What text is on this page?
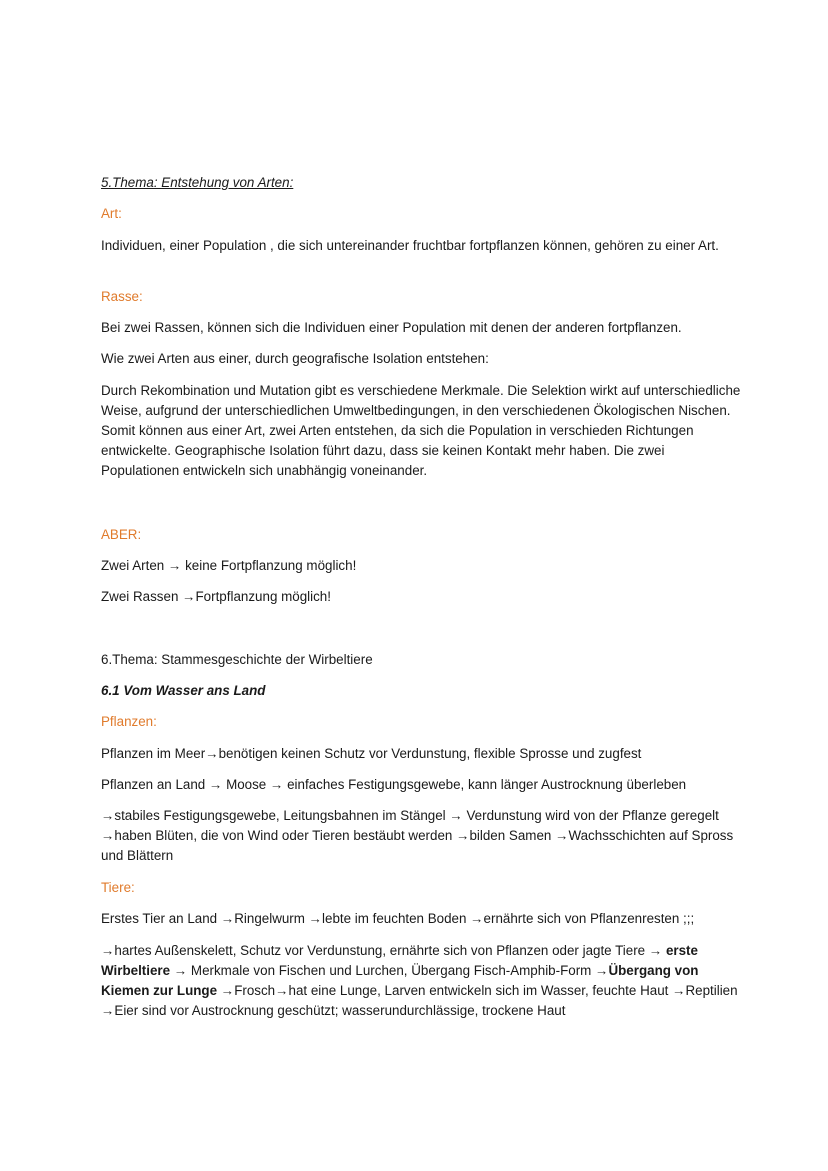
5.Thema: Entstehung von Arten:

Art:

Individuen, einer Population , die sich untereinander fruchtbar fortpflanzen können, gehören zu einer Art.

Rasse:

Bei zwei Rassen, können sich die Individuen einer Population mit denen der anderen fortpflanzen.

Wie zwei Arten aus einer, durch geografische Isolation entstehen:

Durch Rekombination und Mutation gibt es verschiedene Merkmale. Die Selektion wirkt auf unterschiedliche Weise, aufgrund der unterschiedlichen Umweltbedingungen, in den verschiedenen Ökologischen Nischen. Somit können aus einer Art, zwei Arten entstehen, da sich die Population in verschieden Richtungen entwickelte. Geographische Isolation führt dazu, dass sie keinen Kontakt mehr haben. Die zwei Populationen entwickeln sich unabhängig voneinander.

ABER:

Zwei Arten → keine Fortpflanzung möglich!

Zwei Rassen →Fortpflanzung möglich!

6.Thema: Stammesgeschichte der Wirbeltiere

6.1 Vom Wasser ans Land

Pflanzen:

Pflanzen im Meer→benötigen keinen Schutz vor Verdunstung, flexible Sprosse und zugfest

Pflanzen an Land → Moose → einfaches Festigungsgewebe, kann länger Austrocknung überleben

→stabiles Festigungsgewebe, Leitungsbahnen im Stängel → Verdunstung wird von der Pflanze geregelt →haben Blüten, die von Wind oder Tieren bestäubt werden →bilden Samen →Wachsschichten auf Spross und Blättern

Tiere:

Erstes Tier an Land →Ringelwurm →lebte im feuchten Boden →ernährte sich von Pflanzenresten ;;;

→hartes Außenskelett, Schutz vor Verdunstung, ernährte sich von Pflanzen oder jagte Tiere → erste Wirbeltiere → Merkmale von Fischen und Lurchen, Übergang Fisch-Amphib-Form →Übergang von Kiemen zur Lunge →Frosch→hat eine Lunge, Larven entwickeln sich im Wasser, feuchte Haut →Reptilien →Eier sind vor Austrocknung geschützt; wasserundurchlässige, trockene Haut
